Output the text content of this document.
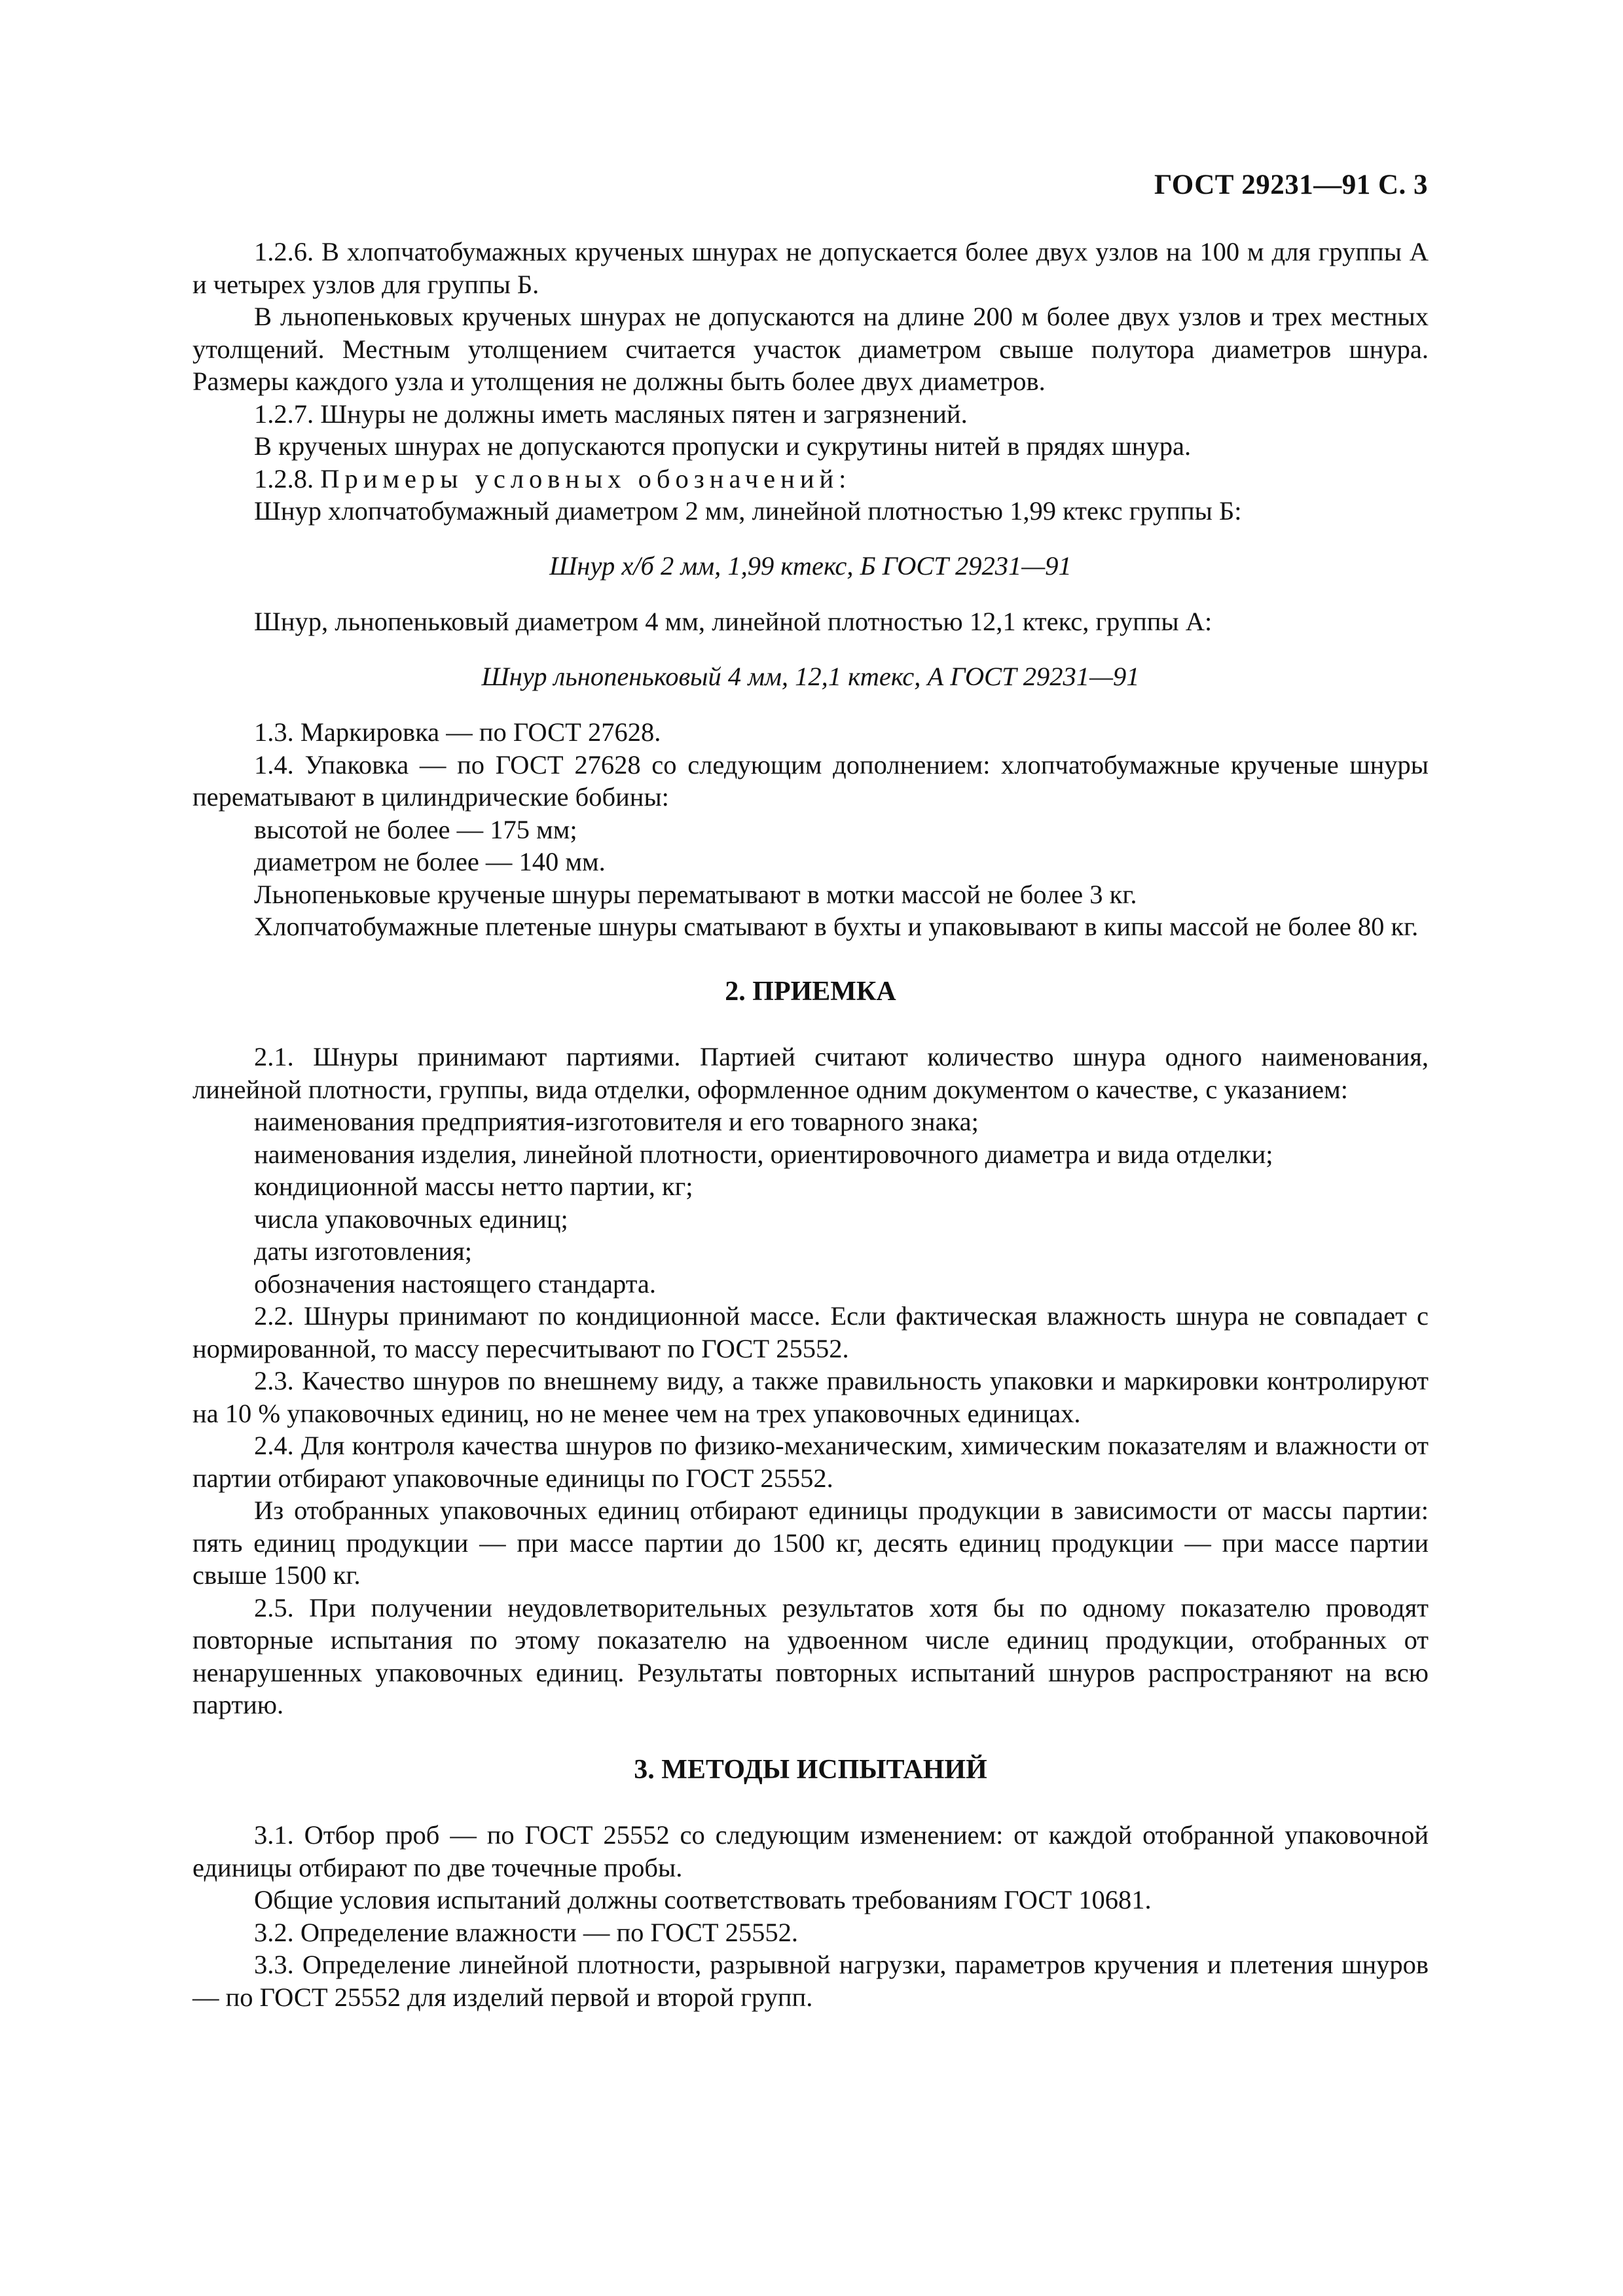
ГОСТ 29231—91 С. 3

1.2.6. В хлопчатобумажных крученых шнурах не допускается более двух узлов на 100 м для группы А и четырех узлов для группы Б.

В льнопеньковых крученых шнурах не допускаются на длине 200 м более двух узлов и трех местных утолщений. Местным утолщением считается участок диаметром свыше полутора диаметров шнура. Размеры каждого узла и утолщения не должны быть более двух диаметров.

1.2.7. Шнуры не должны иметь масляных пятен и загрязнений.

В крученых шнурах не допускаются пропуски и сукрутины нитей в прядях шнура.

1.2.8. Примеры условных обозначений:

Шнур хлопчатобумажный диаметром 2 мм, линейной плотностью 1,99 ктекс группы Б:

Шнур х/б 2 мм, 1,99 ктекс, Б ГОСТ 29231—91

Шнур, льнопеньковый диаметром 4 мм, линейной плотностью 12,1 ктекс, группы А:

Шнур льнопеньковый 4 мм, 12,1 ктекс, А ГОСТ 29231—91

1.3. Маркировка — по ГОСТ 27628.

1.4. Упаковка — по ГОСТ 27628 со следующим дополнением: хлопчатобумажные крученые шнуры перематывают в цилиндрические бобины:

высотой не более — 175 мм;

диаметром не более — 140 мм.

Льнопеньковые крученые шнуры перематывают в мотки массой не более 3 кг.

Хлопчатобумажные плетеные шнуры сматывают в бухты и упаковывают в кипы массой не более 80 кг.

2. ПРИЕМКА

2.1. Шнуры принимают партиями. Партией считают количество шнура одного наименования, линейной плотности, группы, вида отделки, оформленное одним документом о качестве, с указанием:

наименования предприятия-изготовителя и его товарного знака;

наименования изделия, линейной плотности, ориентировочного диаметра и вида отделки;

кондиционной массы нетто партии, кг;

числа упаковочных единиц;

даты изготовления;

обозначения настоящего стандарта.

2.2. Шнуры принимают по кондиционной массе. Если фактическая влажность шнура не совпадает с нормированной, то массу пересчитывают по ГОСТ 25552.

2.3. Качество шнуров по внешнему виду, а также правильность упаковки и маркировки контролируют на 10 % упаковочных единиц, но не менее чем на трех упаковочных единицах.

2.4. Для контроля качества шнуров по физико-механическим, химическим показателям и влажности от партии отбирают упаковочные единицы по ГОСТ 25552.

Из отобранных упаковочных единиц отбирают единицы продукции в зависимости от массы партии: пять единиц продукции — при массе партии до 1500 кг, десять единиц продукции — при массе партии свыше 1500 кг.

2.5. При получении неудовлетворительных результатов хотя бы по одному показателю проводят повторные испытания по этому показателю на удвоенном числе единиц продукции, отобранных от ненарушенных упаковочных единиц. Результаты повторных испытаний шнуров распространяют на всю партию.

3. МЕТОДЫ ИСПЫТАНИЙ

3.1. Отбор проб — по ГОСТ 25552 со следующим изменением: от каждой отобранной упаковочной единицы отбирают по две точечные пробы.

Общие условия испытаний должны соответствовать требованиям ГОСТ 10681.

3.2. Определение влажности — по ГОСТ 25552.

3.3. Определение линейной плотности, разрывной нагрузки, параметров кручения и плетения шнуров — по ГОСТ 25552 для изделий первой и второй групп.
